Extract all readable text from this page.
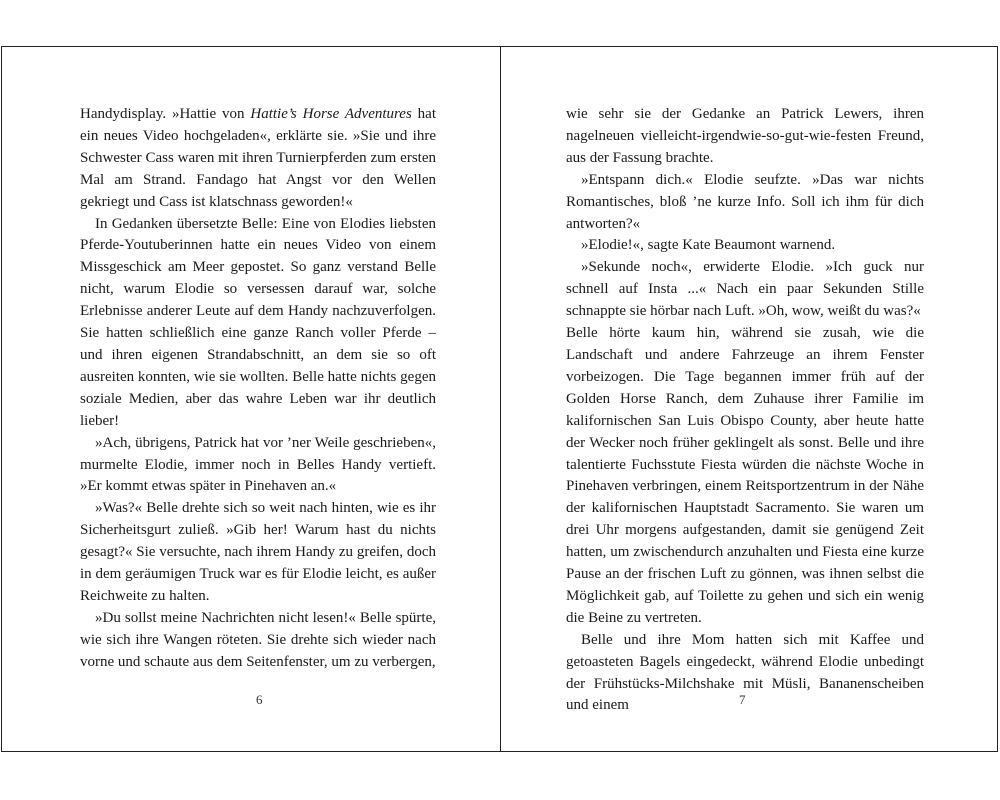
Handydisplay. »Hattie von Hattie’s Horse Adventures hat ein neues Video hochgeladen«, erklärte sie. »Sie und ihre Schwester Cass waren mit ihren Turnierpferden zum ersten Mal am Strand. Fandago hat Angst vor den Wellen gekriegt und Cass ist klatschnass geworden!«

In Gedanken übersetzte Belle: Eine von Elodies liebsten Pferde-Youtuberinnen hatte ein neues Video von einem Missgeschick am Meer gepostet. So ganz verstand Belle nicht, warum Elodie so versessen darauf war, solche Erlebnisse anderer Leute auf dem Handy nachzuverfolgen. Sie hatten schließlich eine ganze Ranch voller Pferde – und ihren eigenen Strandabschnitt, an dem sie so oft ausreiten konnten, wie sie wollten. Belle hatte nichts gegen soziale Medien, aber das wahre Leben war ihr deutlich lieber!

»Ach, übrigens, Patrick hat vor ’ner Weile geschrieben«, murmelte Elodie, immer noch in Belles Handy vertieft. »Er kommt etwas später in Pinehaven an.«

»Was?« Belle drehte sich so weit nach hinten, wie es ihr Sicherheitsgurt zuließ. »Gib her! Warum hast du nichts gesagt?« Sie versuchte, nach ihrem Handy zu greifen, doch in dem geräumigen Truck war es für Elodie leicht, es außer Reichweite zu halten.

»Du sollst meine Nachrichten nicht lesen!« Belle spürte, wie sich ihre Wangen röteten. Sie drehte sich wieder nach vorne und schaute aus dem Seitenfenster, um zu verbergen,

6

wie sehr sie der Gedanke an Patrick Lewers, ihren nagelneuen vielleicht-irgendwie-so-gut-wie-festen Freund, aus der Fassung brachte.

»Entspann dich.« Elodie seufzte. »Das war nichts Romantisches, bloß ’ne kurze Info. Soll ich ihm für dich antworten?«

»Elodie!«, sagte Kate Beaumont warnend.

»Sekunde noch«, erwiderte Elodie. »Ich guck nur schnell auf Insta ...« Nach ein paar Sekunden Stille schnappte sie hörbar nach Luft. »Oh, wow, weißt du was?«

Belle hörte kaum hin, während sie zusah, wie die Landschaft und andere Fahrzeuge an ihrem Fenster vorbeizogen. Die Tage begannen immer früh auf der Golden Horse Ranch, dem Zuhause ihrer Familie im kalifornischen San Luis Obispo County, aber heute hatte der Wecker noch früher geklingelt als sonst. Belle und ihre talentierte Fuchsstute Fiesta würden die nächste Woche in Pinehaven verbringen, einem Reitsportzentrum in der Nähe der kalifornischen Hauptstadt Sacramento. Sie waren um drei Uhr morgens aufgestanden, damit sie genügend Zeit hatten, um zwischendurch anzuhalten und Fiesta eine kurze Pause an der frischen Luft zu gönnen, was ihnen selbst die Möglichkeit gab, auf Toilette zu gehen und sich ein wenig die Beine zu vertreten.

Belle und ihre Mom hatten sich mit Kaffee und getoasteten Bagels eingedeckt, während Elodie unbedingt der Frühstücks-Milchshake mit Müsli, Bananenscheiben und einem	7
